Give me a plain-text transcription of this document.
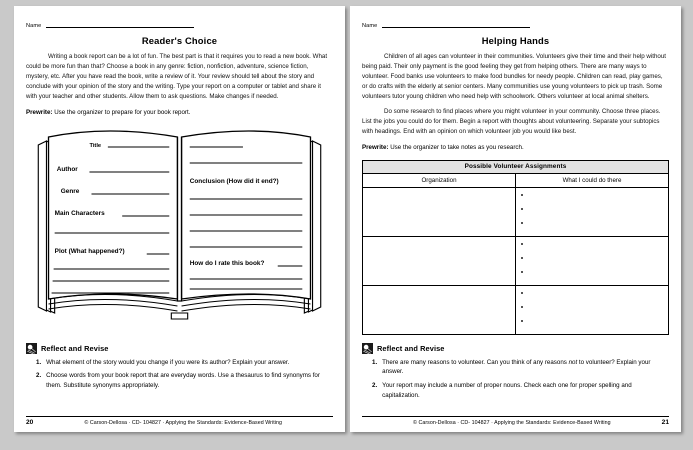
Name
Reader's Choice

Writing a book report can be a lot of fun. The best part is that it requires you to read a new book. What could be more fun than that? Choose a book in any genre: fiction, nonfiction, adventure, science fiction, mystery, etc. After you have read the book, write a review of it. Your review should tell about the story and conclude with your opinion of the story and the writing. Type your report on a computer or tablet and share it with your teacher and other students. Allow them to ask questions. Make changes if needed.

Prewrite: Use the organizer to prepare for your book report.

Title
Author
Genre
Main Characters
Plot (What happened?)
Conclusion (How did it end?)
How do I rate this book?
Reflect and Revise
1. What element of the story would you change if you were its author? Explain your answer.
2. Choose words from your book report that are everyday words. Use a thesaurus to find synonyms for them. Substitute synonyms appropriately.
20	© Carson-Dellosa · CD- 104827 · Applying the Standards: Evidence-Based Writing
Name
Helping Hands

Children of all ages can volunteer in their communities. Volunteers give their time and their help without being paid. Their only payment is the good feeling they get from helping others. There are many ways to volunteer. Food banks use volunteers to make food bundles for needy people. Children can read, play games, or do crafts with the elderly at senior centers. Many communities use young volunteers to pick up trash. Some volunteers tutor young children who need help with schoolwork. Others volunteer at local animal shelters.

Do some research to find places where you might volunteer in your community. Choose three places. List the jobs you could do for them. Begin a report with thoughts about volunteering. Separate your subtopics with headings. End with an opinion on which volunteer job you would like best.

Prewrite: Use the organizer to take notes as you research.

Possible Volunteer Assignments	
Organization	What I could do there

Reflect and Revise
1. There are many reasons to volunteer. Can you think of any reasons not to volunteer? Explain your answer.
2. Your report may include a number of proper nouns. Check each one for proper spelling and capitalization.
© Carson-Dellosa · CD- 104827 · Applying the Standards: Evidence-Based Writing	21
